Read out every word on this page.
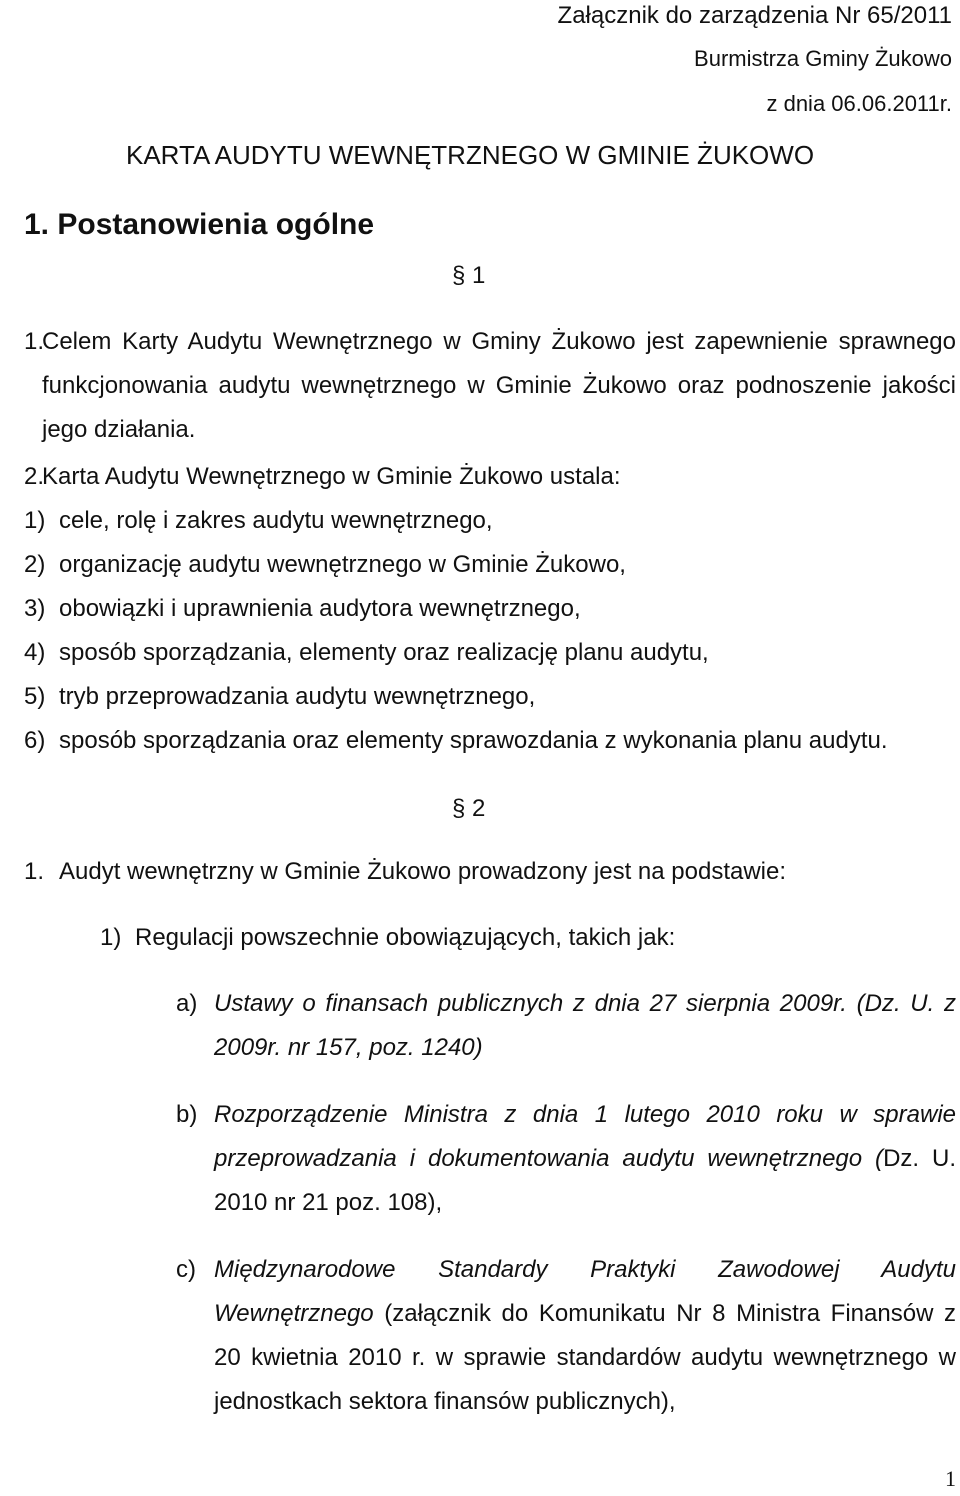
Załącznik do zarządzenia Nr 65/2011
Burmistrza Gminy Żukowo
z dnia 06.06.2011r.
KARTA AUDYTU WEWNĘTRZNEGO W GMINIE ŻUKOWO
1. Postanowienia ogólne
§ 1
1.
Celem Karty Audytu Wewnętrznego w Gminy Żukowo jest zapewnienie sprawnego funkcjonowania audytu wewnętrznego w Gminie Żukowo oraz podnoszenie jakości jego działania.
2.
Karta Audytu Wewnętrznego w Gminie Żukowo ustala:
1) cele, rolę i zakres audytu wewnętrznego,
2) organizację audytu wewnętrznego w Gminie Żukowo,
3) obowiązki i uprawnienia audytora wewnętrznego,
4) sposób sporządzania, elementy oraz realizację planu audytu,
5) tryb przeprowadzania audytu wewnętrznego,
6) sposób sporządzania oraz elementy sprawozdania z wykonania planu audytu.
§ 2
1. Audyt wewnętrzny w Gminie Żukowo prowadzony jest na podstawie:
1) Regulacji powszechnie obowiązujących, takich jak:
a) Ustawy o finansach publicznych z dnia 27 sierpnia 2009r. (Dz. U. z 2009r. nr 157, poz. 1240)
b) Rozporządzenie Ministra z dnia 1 lutego 2010 roku w sprawie przeprowadzania i dokumentowania audytu wewnętrznego (Dz. U. 2010 nr 21 poz. 108),
c) Międzynarodowe Standardy Praktyki Zawodowej Audytu Wewnętrznego (załącznik do Komunikatu Nr 8 Ministra Finansów z 20 kwietnia 2010 r. w sprawie standardów audytu wewnętrznego w jednostkach sektora finansów publicznych),
1
